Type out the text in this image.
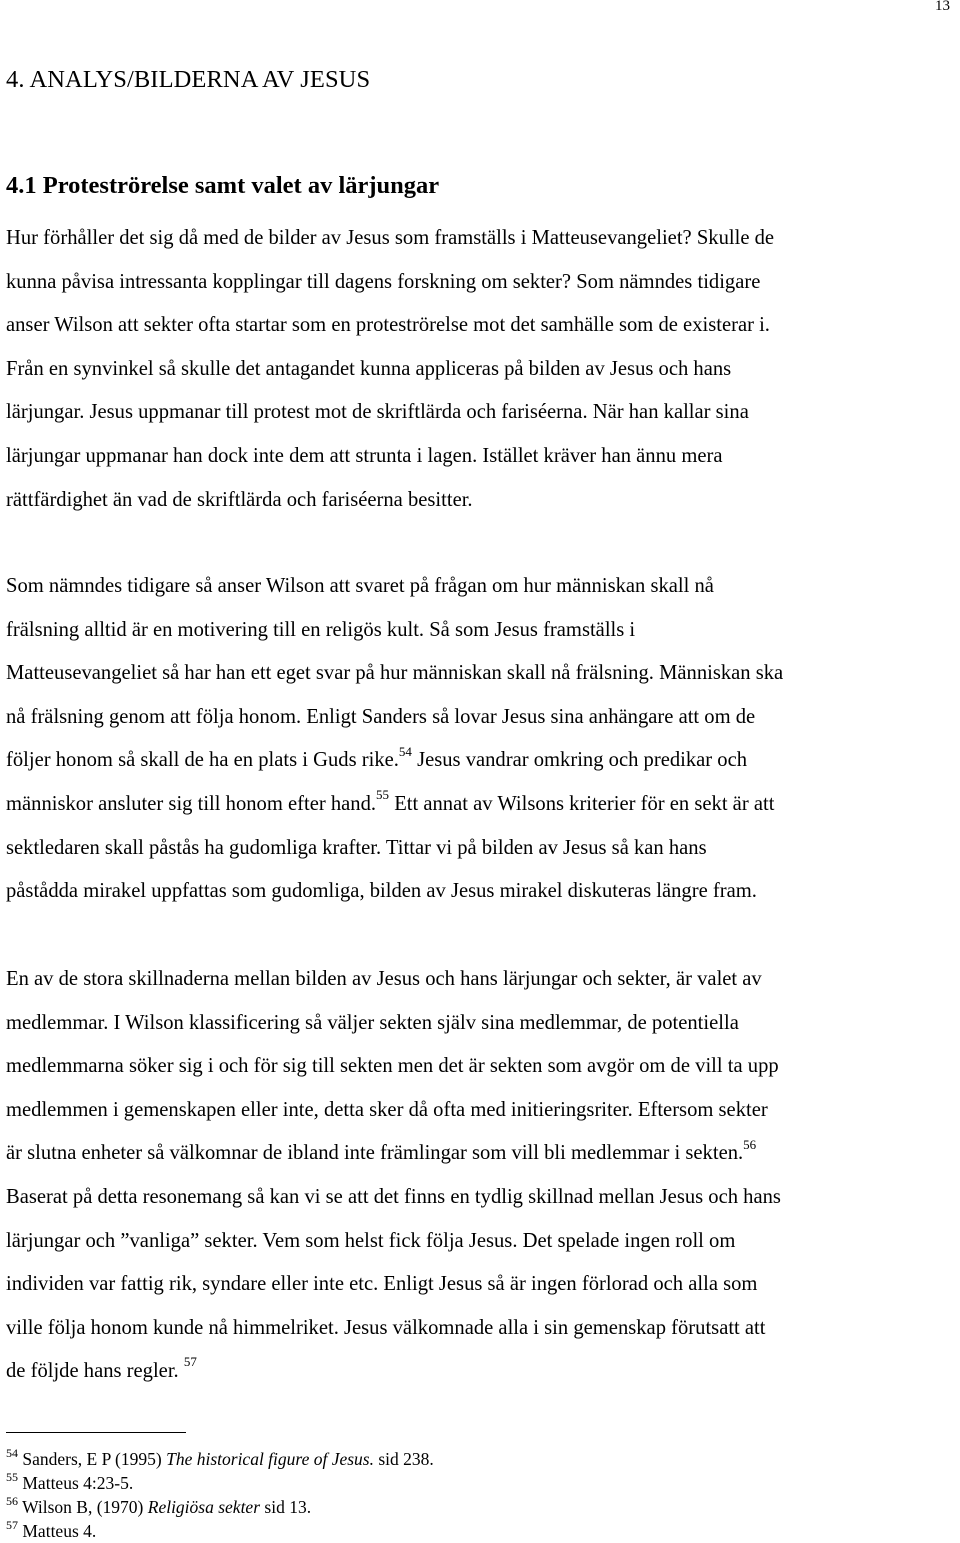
13
4. ANALYS/BILDERNA AV JESUS
4.1 Proteströrelse samt valet av lärjungar

Hur förhåller det sig då med de bilder av Jesus som framställs i Matteusevangeliet? Skulle de
kunna påvisa intressanta kopplingar till dagens forskning om sekter? Som nämndes tidigare
anser Wilson att sekter ofta startar som en proteströrelse mot det samhälle som de existerar i.
Från en synvinkel så skulle det antagandet kunna appliceras på bilden av Jesus och hans
lärjungar. Jesus uppmanar till protest mot de skriftlärda och fariséerna. När han kallar sina
lärjungar uppmanar han dock inte dem att strunta i lagen. Istället kräver han ännu mera
rättfärdighet än vad de skriftlärda och fariséerna besitter.

Som nämndes tidigare så anser Wilson att svaret på frågan om hur människan skall nå
frälsning alltid är en motivering till en religös kult. Så som Jesus framställs i
Matteusevangeliet så har han ett eget svar på hur människan skall nå frälsning. Människan ska
nå frälsning genom att följa honom. Enligt Sanders så lovar Jesus sina anhängare att om de
följer honom så skall de ha en plats i Guds rike.$^{54}$ Jesus vandrar omkring och predikar och
människor ansluter sig till honom efter hand.$^{55}$ Ett annat av Wilsons kriterier för en sekt är att
sektledaren skall påstås ha gudomliga krafter. Tittar vi på bilden av Jesus så kan hans
påstådda mirakel uppfattas som gudomliga, bilden av Jesus mirakel diskuteras längre fram.

En av de stora skillnaderna mellan bilden av Jesus och hans lärjungar och sekter, är valet av
medlemmar. I Wilson klassificering så väljer sekten själv sina medlemmar, de potentiella
medlemmarna söker sig i och för sig till sekten men det är sekten som avgör om de vill ta upp
medlemmen i gemenskapen eller inte, detta sker då ofta med initieringsriter. Eftersom sekter
är slutna enheter så välkomnar de ibland inte främlingar som vill bli medlemmar i sekten.$^{56}$
Baserat på detta resonemang så kan vi se att det finns en tydlig skillnad mellan Jesus och hans
lärjungar och ”vanliga” sekter. Vem som helst fick följa Jesus. Det spelade ingen roll om
individen var fattig rik, syndare eller inte etc. Enligt Jesus så är ingen förlorad och alla som
ville följa honom kunde nå himmelriket. Jesus välkomnade alla i sin gemenskap förutsatt att
de följde hans regler. $^{57}$

$^{54}$ Sanders, E P (1995) The historical figure of Jesus. sid 238.
$^{55}$ Matteus 4:23-5.
$^{56}$ Wilson B, (1970) Religiösa sekter sid 13.
$^{57}$ Matteus 4.
